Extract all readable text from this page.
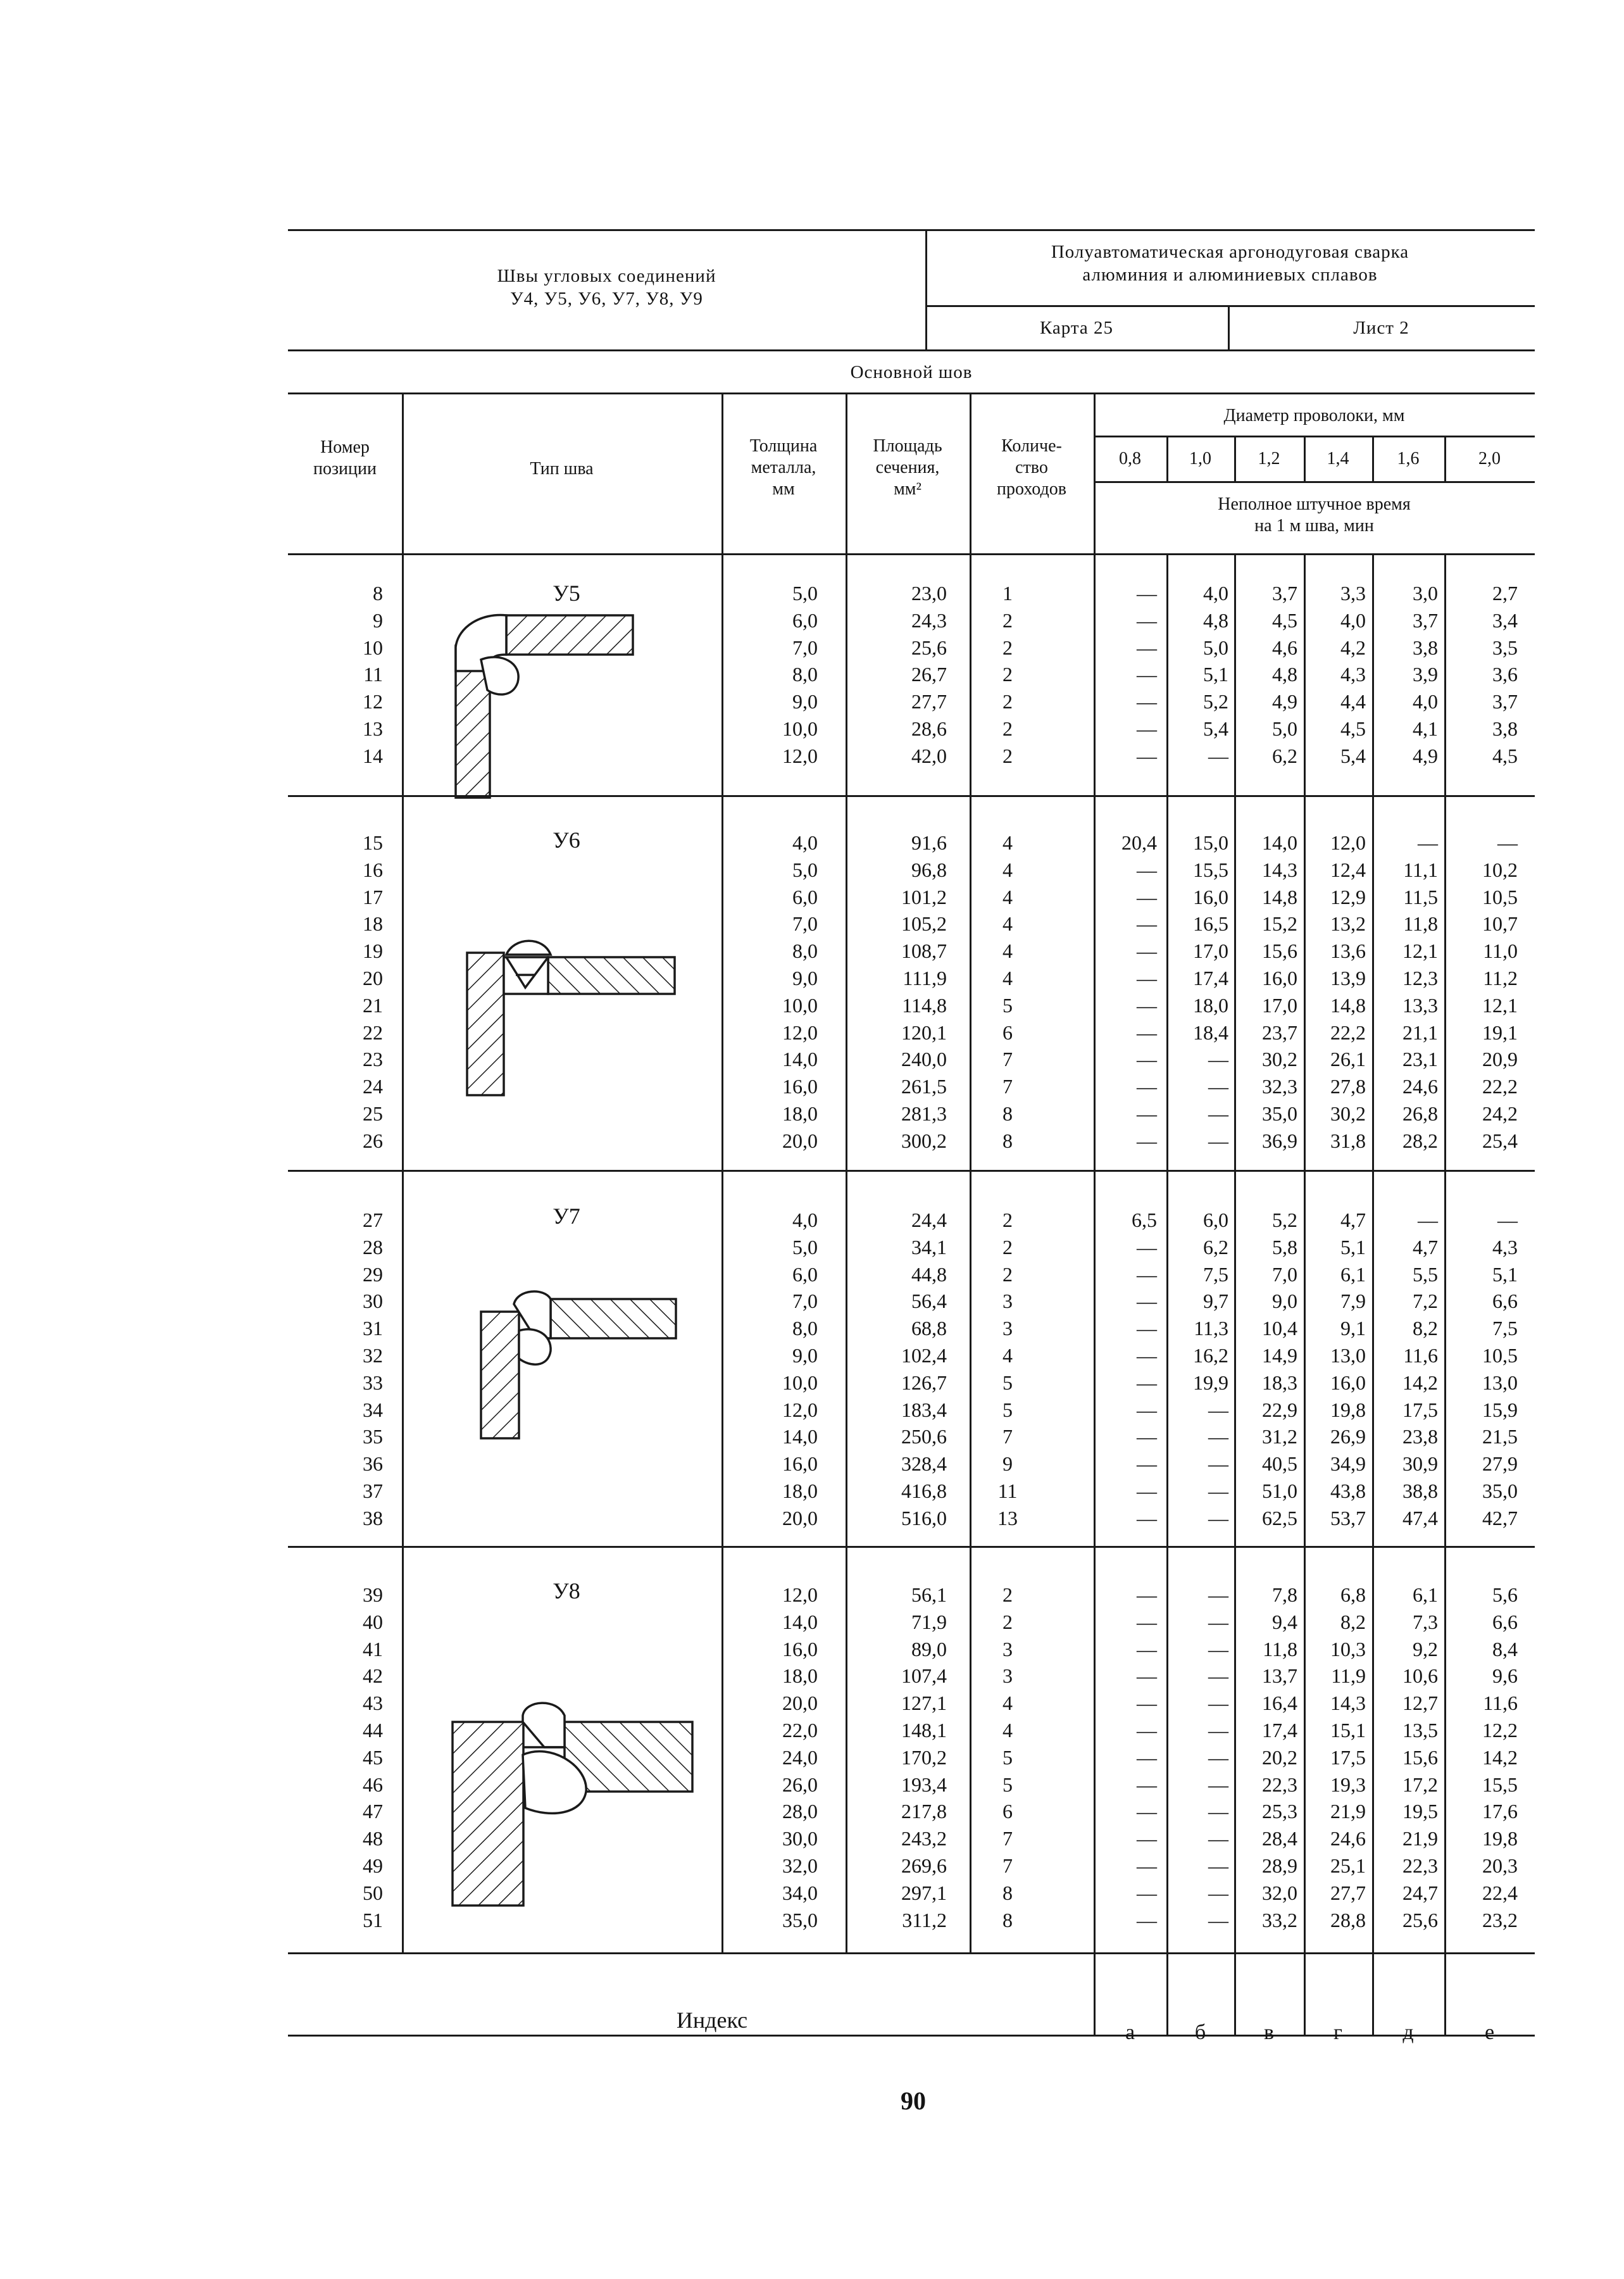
Швы угловых соединений
У4, У5, У6, У7, У8, У9
Полуавтоматическая аргонодуговая сварка
алюминия и алюминиевых сплавов
Карта 25	Лист 2
Основной шов
Номер
позиции	Тип шва
Толщина
металла,
мм
Площадь
сечения,
мм²
Количе-
ство
проходов
Диаметр проволоки, мм
0,8	1,0	1,2	1,4	1,6	2,0
Неполное штучное время
на 1 м шва, мин
8	5,0	23,0	1	—	4,0	3,7	3,3	3,0	2,7
9	6,0	24,3	2	—	4,8	4,5	4,0	3,7	3,4
10	7,0	25,6	2	—	5,0	4,6	4,2	3,8	3,5
11	8,0	26,7	2	—	5,1	4,8	4,3	3,9	3,6
12	9,0	27,7	2	—	5,2	4,9	4,4	4,0	3,7
13	10,0	28,6	2	—	5,4	5,0	4,5	4,1	3,8
14	12,0	42,0	2	—	—	6,2	5,4	4,9	4,5
15	4,0	91,6	4	20,4	15,0	14,0	12,0	—	—
16	5,0	96,8	4	—	15,5	14,3	12,4	11,1	10,2
17	6,0	101,2	4	—	16,0	14,8	12,9	11,5	10,5
18	7,0	105,2	4	—	16,5	15,2	13,2	11,8	10,7
19	8,0	108,7	4	—	17,0	15,6	13,6	12,1	11,0
20	9,0	111,9	4	—	17,4	16,0	13,9	12,3	11,2
21	10,0	114,8	5	—	18,0	17,0	14,8	13,3	12,1
22	12,0	120,1	6	—	18,4	23,7	22,2	21,1	19,1
23	14,0	240,0	7	—	—	30,2	26,1	23,1	20,9
24	16,0	261,5	7	—	—	32,3	27,8	24,6	22,2
25	18,0	281,3	8	—	—	35,0	30,2	26,8	24,2
26	20,0	300,2	8	—	—	36,9	31,8	28,2	25,4
27	4,0	24,4	2	6,5	6,0	5,2	4,7	—	—
28	5,0	34,1	2	—	6,2	5,8	5,1	4,7	4,3
29	6,0	44,8	2	—	7,5	7,0	6,1	5,5	5,1
30	7,0	56,4	3	—	9,7	9,0	7,9	7,2	6,6
31	8,0	68,8	3	—	11,3	10,4	9,1	8,2	7,5
32	9,0	102,4	4	—	16,2	14,9	13,0	11,6	10,5
33	10,0	126,7	5	—	19,9	18,3	16,0	14,2	13,0
34	12,0	183,4	5	—	—	22,9	19,8	17,5	15,9
35	14,0	250,6	7	—	—	31,2	26,9	23,8	21,5
36	16,0	328,4	9	—	—	40,5	34,9	30,9	27,9
37	18,0	416,8	11	—	—	51,0	43,8	38,8	35,0
38	20,0	516,0	13	—	—	62,5	53,7	47,4	42,7
39	12,0	56,1	2	—	—	7,8	6,8	6,1	5,6
40	14,0	71,9	2	—	—	9,4	8,2	7,3	6,6
41	16,0	89,0	3	—	—	11,8	10,3	9,2	8,4
42	18,0	107,4	3	—	—	13,7	11,9	10,6	9,6
43	20,0	127,1	4	—	—	16,4	14,3	12,7	11,6
44	22,0	148,1	4	—	—	17,4	15,1	13,5	12,2
45	24,0	170,2	5	—	—	20,2	17,5	15,6	14,2
46	26,0	193,4	5	—	—	22,3	19,3	17,2	15,5
47	28,0	217,8	6	—	—	25,3	21,9	19,5	17,6
48	30,0	243,2	7	—	—	28,4	24,6	21,9	19,8
49	32,0	269,6	7	—	—	28,9	25,1	22,3	20,3
50	34,0	297,1	8	—	—	32,0	27,7	24,7	22,4
51	35,0	311,2	8	—	—	33,2	28,8	25,6	23,2
У5
У6
У7
У8
Индекс	а	б	в	г	д	е
90
